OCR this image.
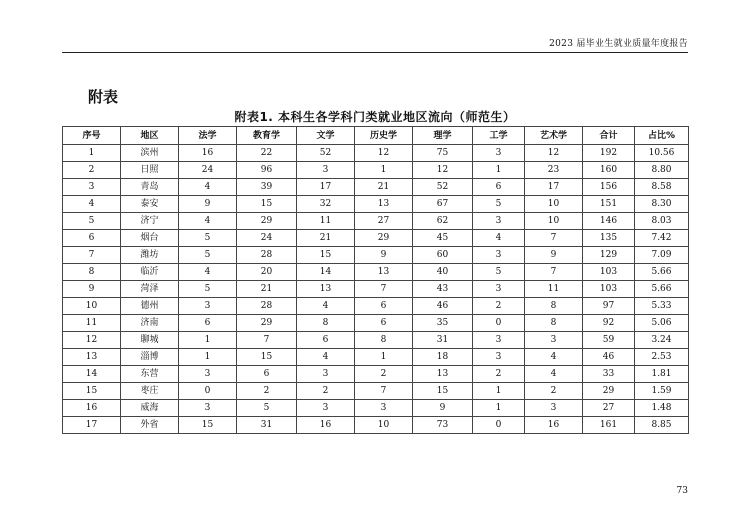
2023 届毕业生就业质量年度报告
附表
附表1. 本科生各学科门类就业地区流向（师范生）
序号	地区	法学	教育学	文学	历史学	理学	工学	艺术学	合计	占比%
1	滨州	16	22	52	12	75	3	12	192	10.56
2	日照	24	96	3	1	12	1	23	160	8.80
3	青岛	4	39	17	21	52	6	17	156	8.58
4	泰安	9	15	32	13	67	5	10	151	8.30
5	济宁	4	29	11	27	62	3	10	146	8.03
6	烟台	5	24	21	29	45	4	7	135	7.42
7	潍坊	5	28	15	9	60	3	9	129	7.09
8	临沂	4	20	14	13	40	5	7	103	5.66
9	菏泽	5	21	13	7	43	3	11	103	5.66
10	德州	3	28	4	6	46	2	8	97	5.33
11	济南	6	29	8	6	35	0	8	92	5.06
12	聊城	1	7	6	8	31	3	3	59	3.24
13	淄博	1	15	4	1	18	3	4	46	2.53
14	东营	3	6	3	2	13	2	4	33	1.81
15	枣庄	0	2	2	7	15	1	2	29	1.59
16	威海	3	5	3	3	9	1	3	27	1.48
17	外省	15	31	16	10	73	0	16	161	8.85
73
